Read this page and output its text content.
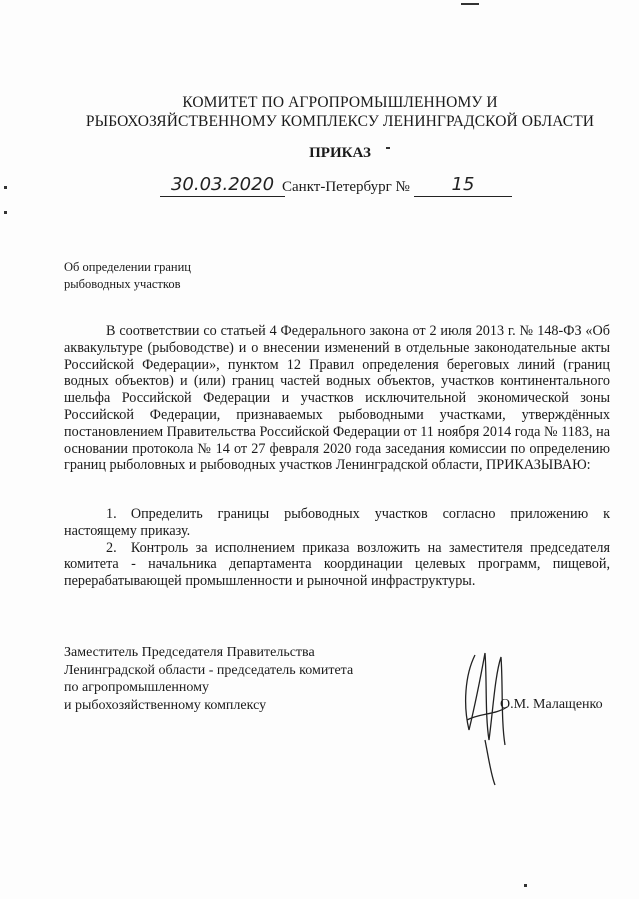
КОМИТЕТ ПО АГРОПРОМЫШЛЕННОМУ И
РЫБОХОЗЯЙСТВЕННОМУ КОМПЛЕКСУ ЛЕНИНГРАДСКОЙ ОБЛАСТИ
ПРИКАЗ
30.03.2020 Санкт-Петербург №	15
Об определении границ
рыбоводных участков

В соответствии со статьей 4 Федерального закона от 2 июля 2013 г. № 148-ФЗ «Об аквакультуре (рыбоводстве) и о внесении изменений в отдельные законодательные акты Российской Федерации», пунктом 12 Правил определения береговых линий (границ водных объектов) и (или) границ частей водных объектов, участков континентального шельфа Российской Федерации и участков исключительной экономической зоны Российской Федерации, признаваемых рыбоводными участками, утверждённых постановлением Правительства Российской Федерации от 11 ноября 2014 года № 1183, на основании протокола № 14 от 27 февраля 2020 года заседания комиссии по определению границ рыболовных и рыбоводных участков Ленинградской области, ПРИКАЗЫВАЮ:

1. Определить границы рыбоводных участков согласно приложению к настоящему приказу.

2. Контроль за исполнением приказа возложить на заместителя председателя комитета - начальника департамента координации целевых программ, пищевой, перерабатывающей промышленности и рыночной инфраструктуры.

Заместитель Председателя Правительства
Ленинградской области - председатель комитета
по агропромышленному
и рыбохозяйственному комплексу	О.М. Малащенко
